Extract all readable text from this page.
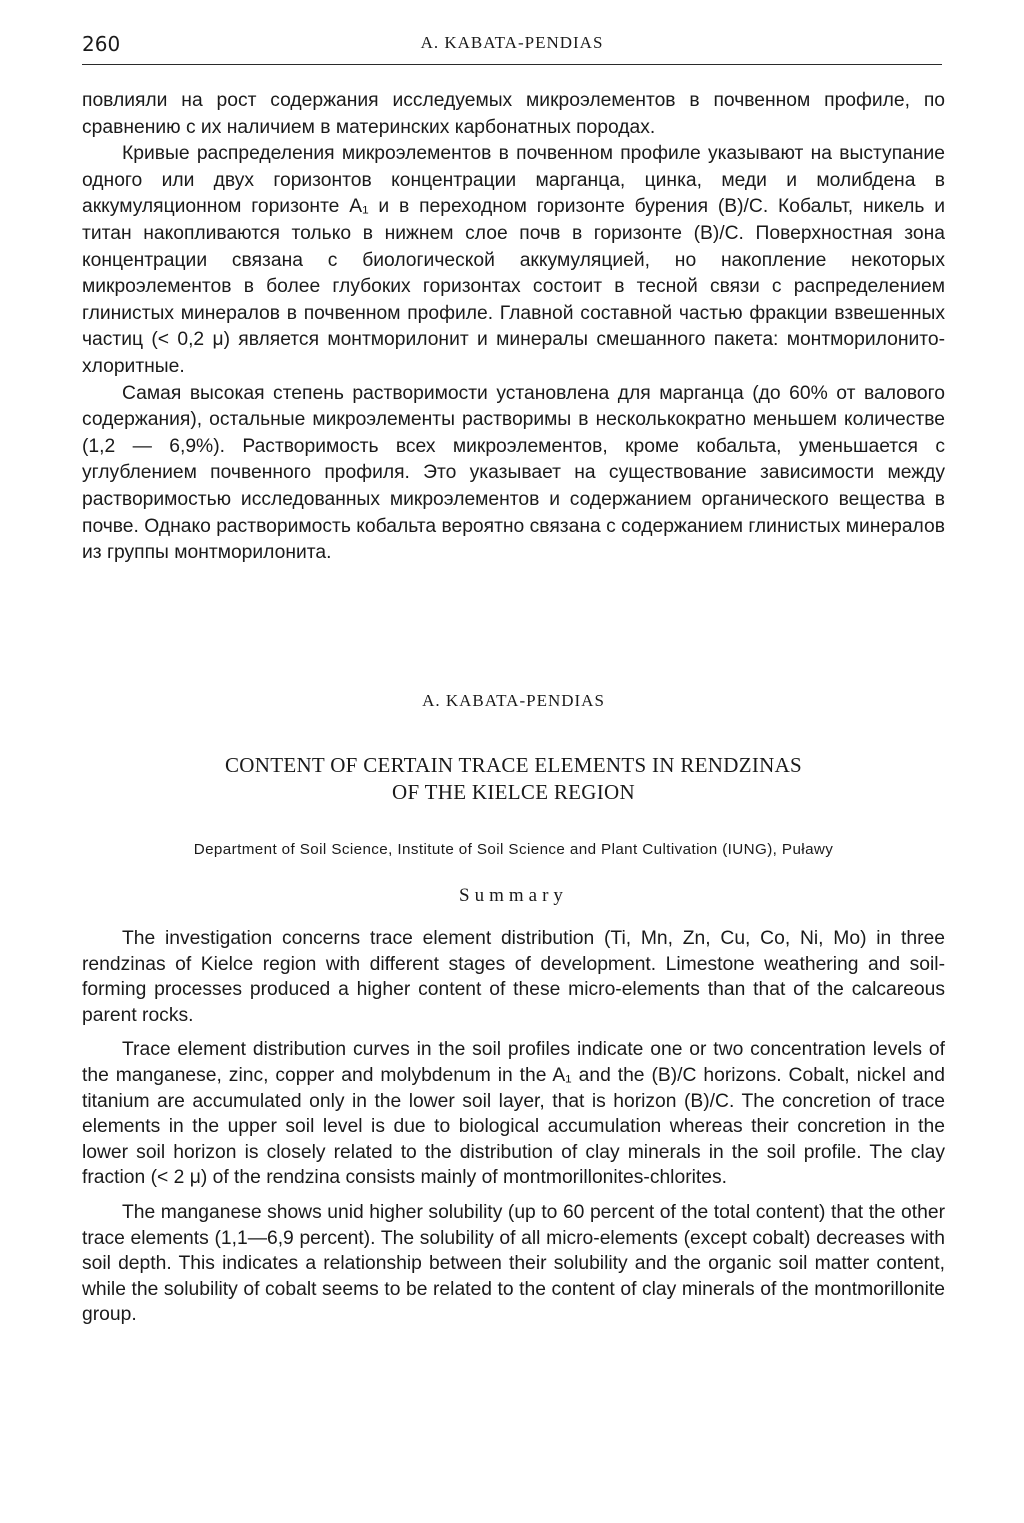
260	A. KABATA-PENDIAS

повлияли на рост содержания исследуемых микроэлементов в почвенном профиле, по сравнению с их наличием в материнских карбонатных породах.

Кривые распределения микроэлементов в почвенном профиле указывают на выступание одного или двух горизонтов концентрации марганца, цинка, меди и молибдена в аккумуляционном горизонте A₁ и в переходном горизонте бурения (B)/C. Кобальт, никель и титан накопливаются только в нижнем слое почв в горизонте (B)/C. Поверхностная зона концентрации связана с биологической аккумуляцией, но накопление некоторых микроэлементов в более глубоких горизонтах состоит в тесной связи с распределением глинистых минералов в почвенном профиле. Главной составной частью фракции взвешенных частиц (< 0,2 μ) является монтморилонит и минералы смешанного пакета: монтморилонито-хлоритные.

Самая высокая степень растворимости установлена для марганца (до 60% от валового содержания), остальные микроэлементы растворимы в несколькократно меньшем количестве (1,2 — 6,9%). Растворимость всех микроэлементов, кроме кобальта, уменьшается с углублением почвенного профиля. Это указывает на существование зависимости между растворимостью исследованных микроэлементов и содержанием органического вещества в почве. Однако растворимость кобальта вероятно связана с содержанием глинистых минералов из группы монтморилонита.

A. KABATA-PENDIAS

CONTENT OF CERTAIN TRACE ELEMENTS IN RENDZINAS
OF THE KIELCE REGION

Department of Soil Science, Institute of Soil Science and Plant Cultivation (IUNG), Puławy

Summary

The investigation concerns trace element distribution (Ti, Mn, Zn, Cu, Co, Ni, Mo) in three rendzinas of Kielce region with different stages of development. Limestone weathering and soil-forming processes produced a higher content of these micro-elements than that of the calcareous parent rocks.

Trace element distribution curves in the soil profiles indicate one or two concentration levels of the manganese, zinc, copper and molybdenum in the A₁ and the (B)/C horizons. Cobalt, nickel and titanium are accumulated only in the lower soil layer, that is horizon (B)/C. The concretion of trace elements in the upper soil level is due to biological accumulation whereas their concretion in the lower soil horizon is closely related to the distribution of clay minerals in the soil profile. The clay fraction (< 2 μ) of the rendzina consists mainly of montmorillonites-chlorites.

The manganese shows unid higher solubility (up to 60 percent of the total content) that the other trace elements (1,1—6,9 percent). The solubility of all micro-elements (except cobalt) decreases with soil depth. This indicates a relationship between their solubility and the organic soil matter content, while the solubility of cobalt seems to be related to the content of clay minerals of the montmorillonite group.
